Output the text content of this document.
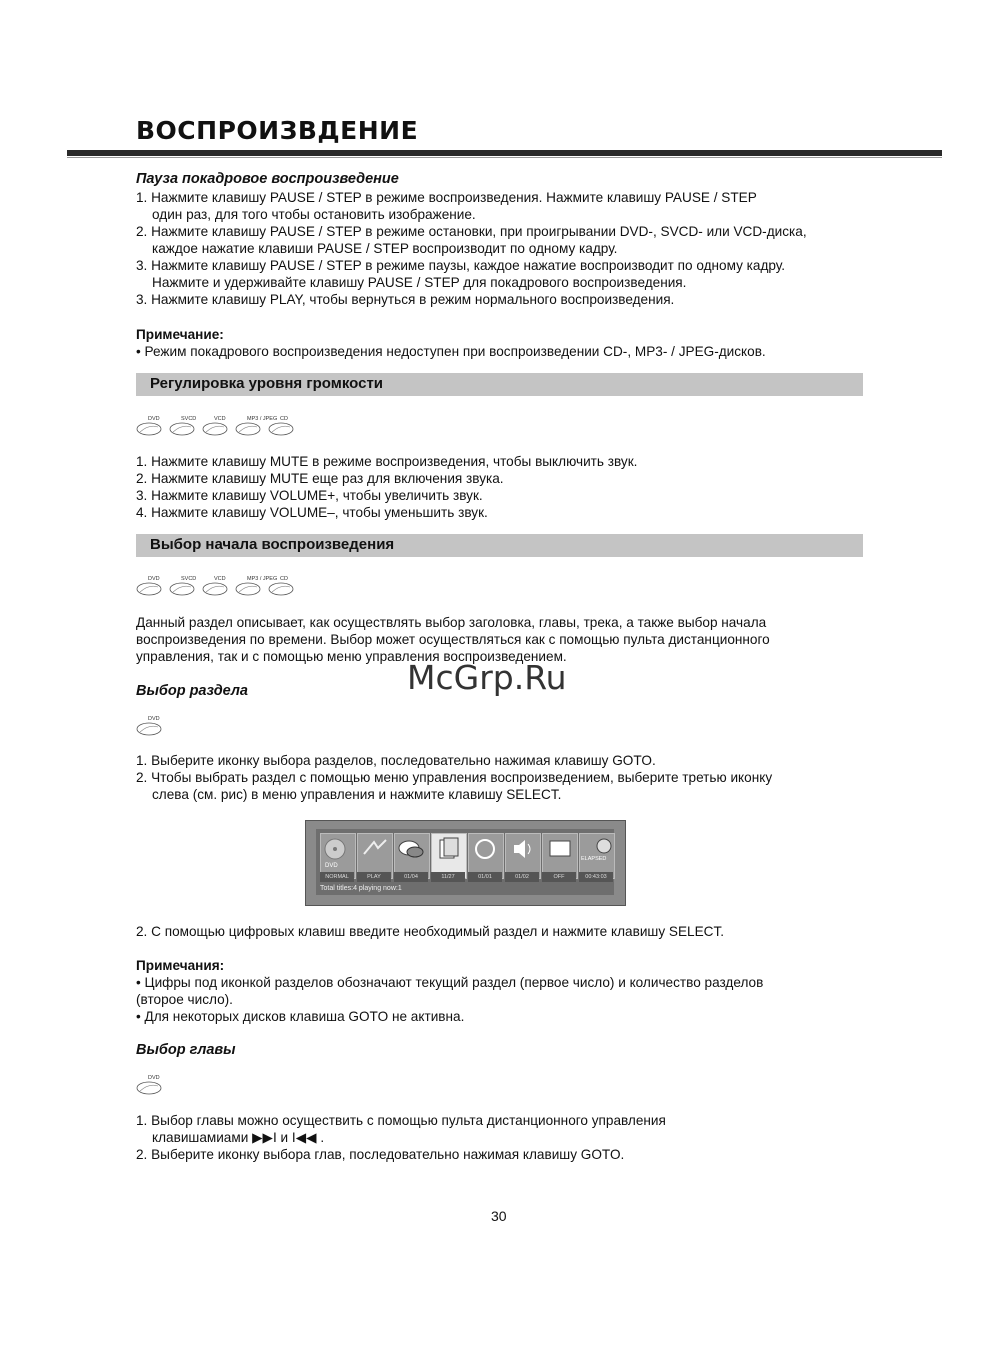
ВОСПРОИЗВДЕНИЕ
Пауза покадровое воспроизведение
1. Нажмите клавишу PAUSE / STEP в режиме воспроизведения. Нажмите клавишу PAUSE / STEP
один раз, для того чтобы остановить изображение.
2. Нажмите клавишу PAUSE / STEP в режиме остановки, при проигрывании DVD-, SVCD- или VCD-диска,
каждое нажатие клавиши PAUSE / STEP воспроизводит по одному кадру.
3. Нажмите клавишу PAUSE / STEP в режиме паузы, каждое нажатие воспроизводит по одному кадру.
Нажмите и удерживайте клавишу PAUSE / STEP для покадрового воспроизведения.
3. Нажмите клавишу PLAY, чтобы вернуться в режим нормального воспроизведения.
Примечание:
• Режим покадрового воспроизведения недоступен при воспроизведении CD-, MP3- / JPEG-дисков.
Регулировка уровня громкости
DVD	SVCD	VCD	MP3 / JPEG CD
1. Нажмите клавишу MUTE в режиме воспроизведения, чтобы выключить звук.
2. Нажмите клавишу MUTE еще раз для включения звука.
3. Нажмите клавишу VOLUME+, чтобы увеличить звук.
4. Нажмите клавишу VOLUME–, чтобы уменьшить звук.
Выбор начала воспроизведения
DVD	SVCD	VCD	MP3 / JPEG CD
Данный раздел описывает, как осуществлять выбор заголовка, главы, трека, а также выбор начала
воспроизведения по времени. Выбор может осуществляться как с помощью пульта дистанционного
управления, так и с помощью меню управления воспроизведением.
McGrp.Ru
Выбор раздела
DVD
1. Выберите иконку выбора разделов, последовательно нажимая клавишу GOTO.
2. Чтобы выбрать раздел с помощью меню управления воспроизведением, выберите третью иконку
слева (см. рис) в меню управления и нажмите клавишу SELECT.
DVD
ELAPSED
NORMAL	PLAY	01/04	11/27	01/01	01/02	OFF	00:43:03
Total titles:4 playing now:1
2. С помощью цифровых клавиш введите необходимый раздел и нажмите клавишу SELECT.
Примечания:
• Цифры под иконкой разделов обозначают текущий раздел (первое число) и количество разделов
(второе число).
• Для некоторых дисков клавиша GOTO не активна.
Выбор главы
DVD
1. Выбор главы можно осуществить с помощью пульта дистанционного управления
клавишамиами ▶▶I и I◀◀ .
2. Выберите иконку выбора глав, последовательно нажимая клавишу GOTO.
30
